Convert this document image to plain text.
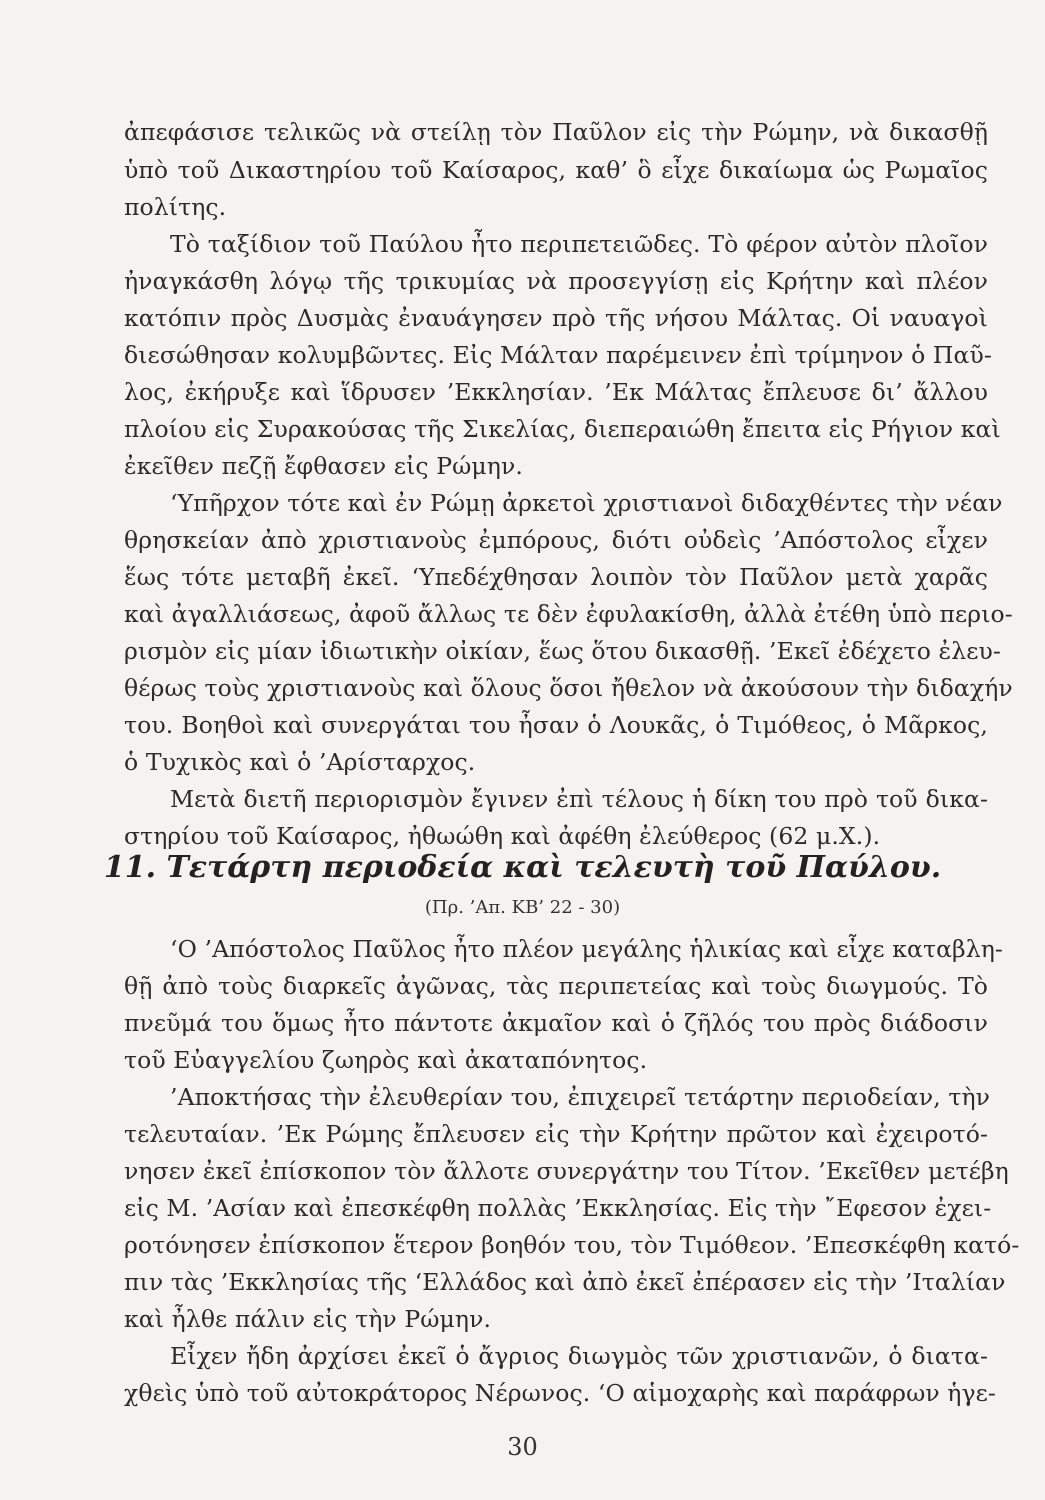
ἀπεφάσισε τελικῶς νὰ στείλῃ τὸν Παῦλον εἰς τὴν Ρώμην, νὰ δικασθῇ
ὑπὸ τοῦ Δικαστηρίου τοῦ Καίσαρος, καθ’ ὃ εἶχε δικαίωμα ὡς Ρωμαῖος
πολίτης.
Τὸ ταξίδιον τοῦ Παύλου ἦτο περιπετειῶδες. Τὸ φέρον αὐτὸν πλοῖον
ἠναγκάσθη λόγῳ τῆς τρικυμίας νὰ προσεγγίσῃ εἰς Κρήτην καὶ πλέον
κατόπιν πρὸς Δυσμὰς ἐναυάγησεν πρὸ τῆς νήσου Μάλτας. Οἱ ναυαγοὶ
διεσώθησαν κολυμβῶντες. Εἰς Μάλταν παρέμεινεν ἐπὶ τρίμηνον ὁ Παῦ-
λος, ἐκήρυξε καὶ ἵδρυσεν ’Εκκλησίαν. ’Εκ Μάλτας ἔπλευσε δι’ ἄλλου
πλοίου εἰς Συρακούσας τῆς Σικελίας, διεπεραιώθη ἔπειτα εἰς Ρήγιον καὶ
ἐκεῖθεν πεζῇ ἔφθασεν εἰς Ρώμην.
‘Υπῆρχον τότε καὶ ἐν Ρώμῃ ἀρκετοὶ χριστιανοὶ διδαχθέντες τὴν νέαν
θρησκείαν ἀπὸ χριστιανοὺς ἐμπόρους, διότι οὐδεὶς ’Απόστολος εἶχεν
ἕως τότε μεταβῆ ἐκεῖ. ‘Υπεδέχθησαν λοιπὸν τὸν Παῦλον μετὰ χαρᾶς
καὶ ἀγαλλιάσεως, ἀφοῦ ἄλλως τε δὲν ἐφυλακίσθη, ἀλλὰ ἐτέθη ὑπὸ περιο-
ρισμὸν εἰς μίαν ἰδιωτικὴν οἰκίαν, ἕως ὅτου δικασθῇ. ’Εκεῖ ἐδέχετο ἐλευ-
θέρως τοὺς χριστιανοὺς καὶ ὅλους ὅσοι ἤθελον νὰ ἀκούσουν τὴν διδαχήν
του. Βοηθοὶ καὶ συνεργάται του ἦσαν ὁ Λουκᾶς, ὁ Τιμόθεος, ὁ Μᾶρκος,
ὁ Τυχικὸς καὶ ὁ ’Αρίσταρχος.
Μετὰ διετῆ περιορισμὸν ἔγινεν ἐπὶ τέλους ἡ δίκη του πρὸ τοῦ δικα-
στηρίου τοῦ Καίσαρος, ἠθωώθη καὶ ἀφέθη ἐλεύθερος (62 μ.Χ.).
11. Τετάρτη περιοδεία καὶ τελευτὴ τοῦ Παύλου.
(Πρ. ’Απ. ΚΒ’ 22 - 30)
‘Ο ’Απόστολος Παῦλος ἦτο πλέον μεγάλης ἡλικίας καὶ εἶχε καταβλη-
θῇ ἀπὸ τοὺς διαρκεῖς ἀγῶνας, τὰς περιπετείας καὶ τοὺς διωγμούς. Τὸ
πνεῦμά του ὅμως ἦτο πάντοτε ἀκμαῖον καὶ ὁ ζῆλός του πρὸς διάδοσιν
τοῦ Εὐαγγελίου ζωηρὸς καὶ ἀκαταπόνητος.
’Αποκτήσας τὴν ἐλευθερίαν του, ἐπιχειρεῖ τετάρτην περιοδείαν, τὴν
τελευταίαν. ’Εκ Ρώμης ἔπλευσεν εἰς τὴν Κρήτην πρῶτον καὶ ἐχειροτό-
νησεν ἐκεῖ ἐπίσκοπον τὸν ἄλλοτε συνεργάτην του Τίτον. ’Εκεῖθεν μετέβη
εἰς Μ. ’Ασίαν καὶ ἐπεσκέφθη πολλὰς ’Εκκλησίας. Εἰς τὴν ῎Εφεσον ἐχει-
ροτόνησεν ἐπίσκοπον ἕτερον βοηθόν του, τὸν Τιμόθεον. ’Επεσκέφθη κατό-
πιν τὰς ’Εκκλησίας τῆς ‘Ελλάδος καὶ ἀπὸ ἐκεῖ ἐπέρασεν εἰς τὴν ’Ιταλίαν
καὶ ἦλθε πάλιν εἰς τὴν Ρώμην.
Εἶχεν ἤδη ἀρχίσει ἐκεῖ ὁ ἄγριος διωγμὸς τῶν χριστιανῶν, ὁ διατα-
χθεὶς ὑπὸ τοῦ αὐτοκράτορος Νέρωνος. ‘Ο αἱμοχαρὴς καὶ παράφρων ἡγε-
30
